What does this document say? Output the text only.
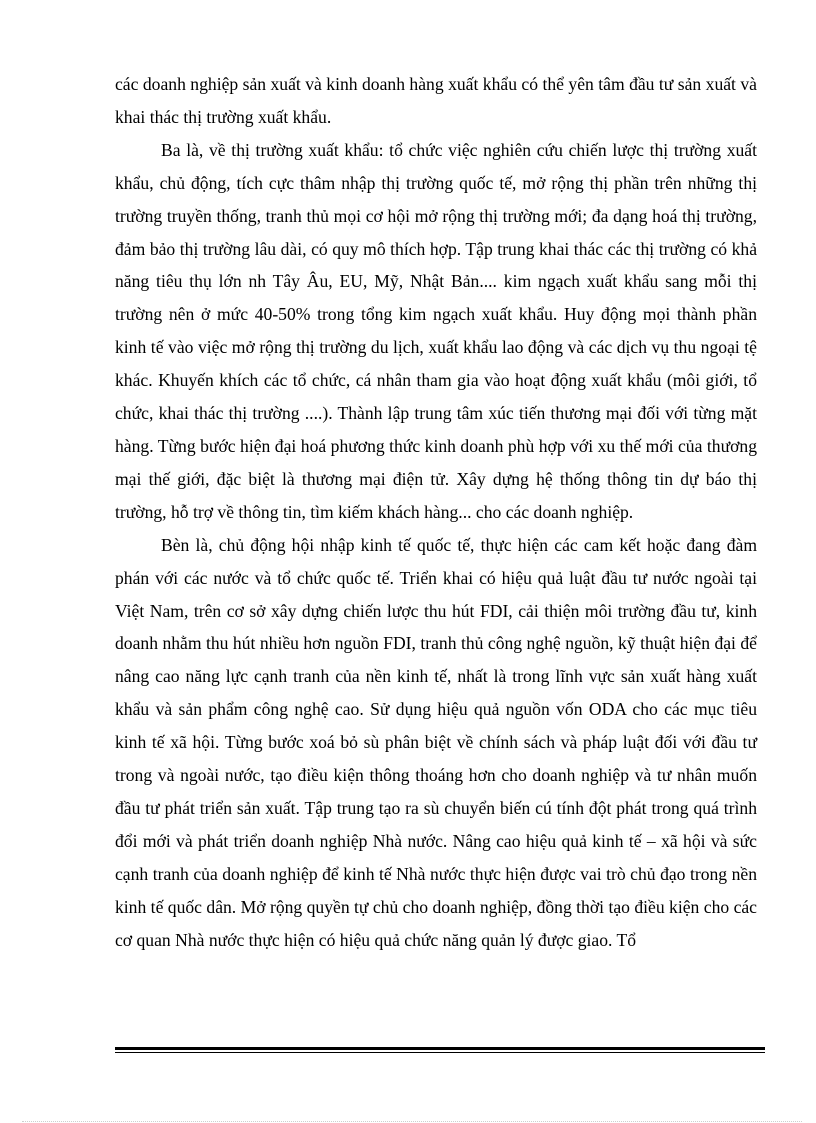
các doanh nghiệp sản xuất và kinh doanh hàng xuất khẩu có thể yên tâm đầu tư sản xuất và khai thác thị trường xuất khẩu.

Ba là, về thị trường xuất khẩu: tổ chức việc nghiên cứu chiến lược thị trường xuất khẩu, chủ động, tích cực thâm nhập thị trường quốc tế, mở rộng thị phần trên những thị trường truyền thống, tranh thủ mọi cơ hội mở rộng thị trường mới; đa dạng hoá thị trường, đảm bảo thị trường lâu dài, có quy mô thích hợp. Tập trung khai thác các thị trường có khả năng tiêu thụ lớn nh Tây Âu, EU, Mỹ, Nhật Bản.... kim ngạch xuất khẩu sang mỗi thị trường nên ở mức 40-50% trong tổng kim ngạch xuất khẩu. Huy động mọi thành phần kinh tế vào việc mở rộng thị trường du lịch, xuất khẩu lao động và các dịch vụ thu ngoại tệ khác. Khuyến khích các tổ chức, cá nhân tham gia vào hoạt động xuất khẩu (môi giới, tổ chức, khai thác thị trường ....). Thành lập trung tâm xúc tiến thương mại đối với từng mặt hàng. Từng bước hiện đại hoá phương thức kinh doanh phù hợp với xu thế mới của thương mại thế giới, đặc biệt là thương mại điện tử. Xây dựng hệ thống thông tin dự báo thị trường, hỗ trợ về thông tin, tìm kiếm khách hàng... cho các doanh nghiệp.

Bèn là, chủ động hội nhập kinh tế quốc tế, thực hiện các cam kết hoặc đang đàm phán với các nước và tổ chức quốc tế. Triển khai có hiệu quả luật đầu tư nước ngoài tại Việt Nam, trên cơ sở xây dựng chiến lược thu hút FDI, cải thiện môi trường đầu tư, kinh doanh nhằm thu hút nhiều hơn nguồn FDI, tranh thủ công nghệ nguồn, kỹ thuật hiện đại để nâng cao năng lực cạnh tranh của nền kinh tế, nhất là trong lĩnh vực sản xuất hàng xuất khẩu và sản phẩm công nghệ cao. Sử dụng hiệu quả nguồn vốn ODA cho các mục tiêu kinh tế xã hội. Từng bước xoá bỏ sù phân biệt về chính sách và pháp luật đối với đầu tư trong và ngoài nước, tạo điều kiện thông thoáng hơn cho doanh nghiệp và tư nhân muốn đầu tư phát triển sản xuất. Tập trung tạo ra sù chuyển biến cú tính đột phát trong quá trình đổi mới và phát triển doanh nghiệp Nhà nước. Nâng cao hiệu quả kinh tế – xã hội và sức cạnh tranh của doanh nghiệp để kinh tế Nhà nước thực hiện được vai trò chủ đạo trong nền kinh tế quốc dân. Mở rộng quyền tự chủ cho doanh nghiệp, đồng thời tạo điều kiện cho các cơ quan Nhà nước thực hiện có hiệu quả chức năng quản lý được giao. Tổ
